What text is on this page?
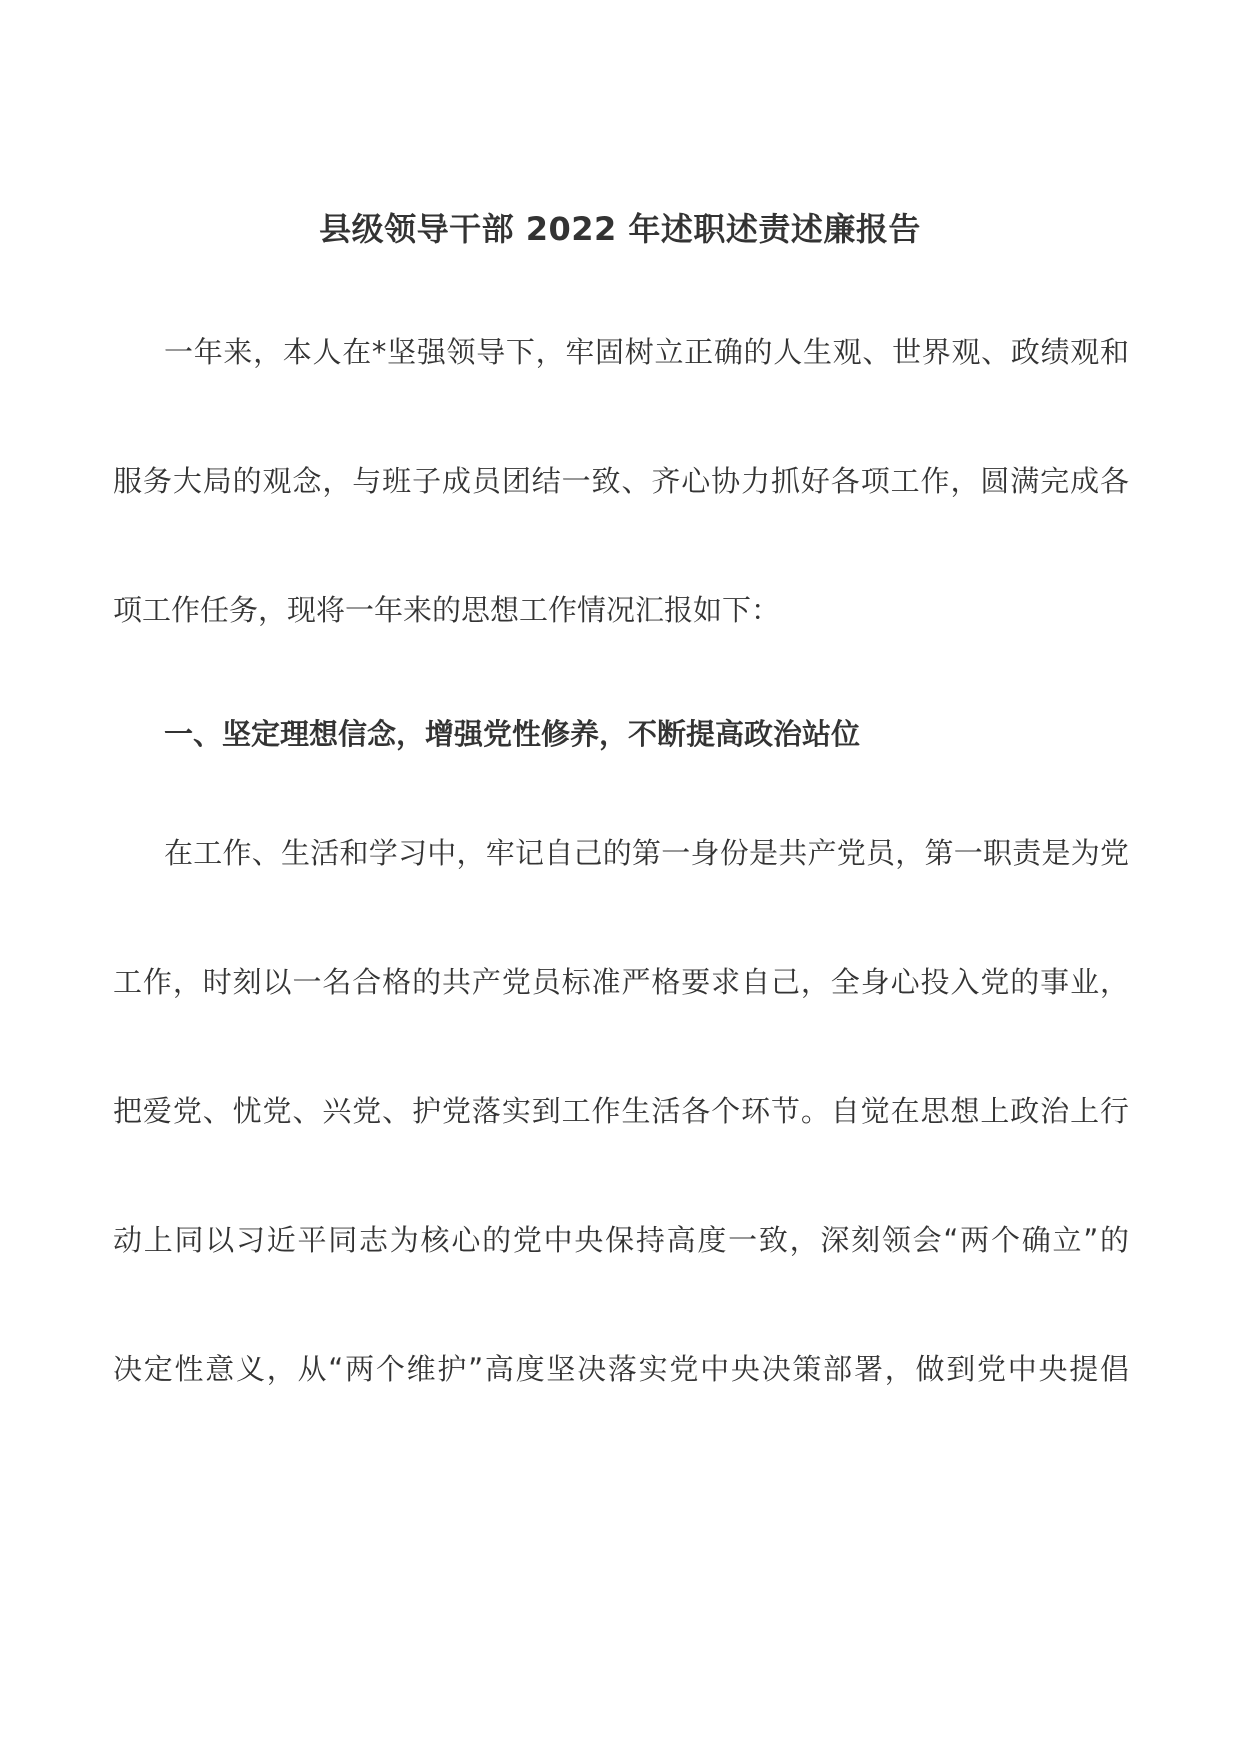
县级领导干部 2022 年述职述责述廉报告
一年来，本人在*坚强领导下，牢固树立正确的人生观、世界观、政绩观和
服务大局的观念，与班子成员团结一致、齐心协力抓好各项工作，圆满完成各
项工作任务，现将一年来的思想工作情况汇报如下：
一、坚定理想信念，增强党性修养，不断提高政治站位
在工作、生活和学习中，牢记自己的第一身份是共产党员，第一职责是为党
工作，时刻以一名合格的共产党员标准严格要求自己，全身心投入党的事业，
把爱党、忧党、兴党、护党落实到工作生活各个环节。自觉在思想上政治上行
动上同以习近平同志为核心的党中央保持高度一致，深刻领会“两个确立”的
决定性意义，从“两个维护”高度坚决落实党中央决策部署，做到党中央提倡
